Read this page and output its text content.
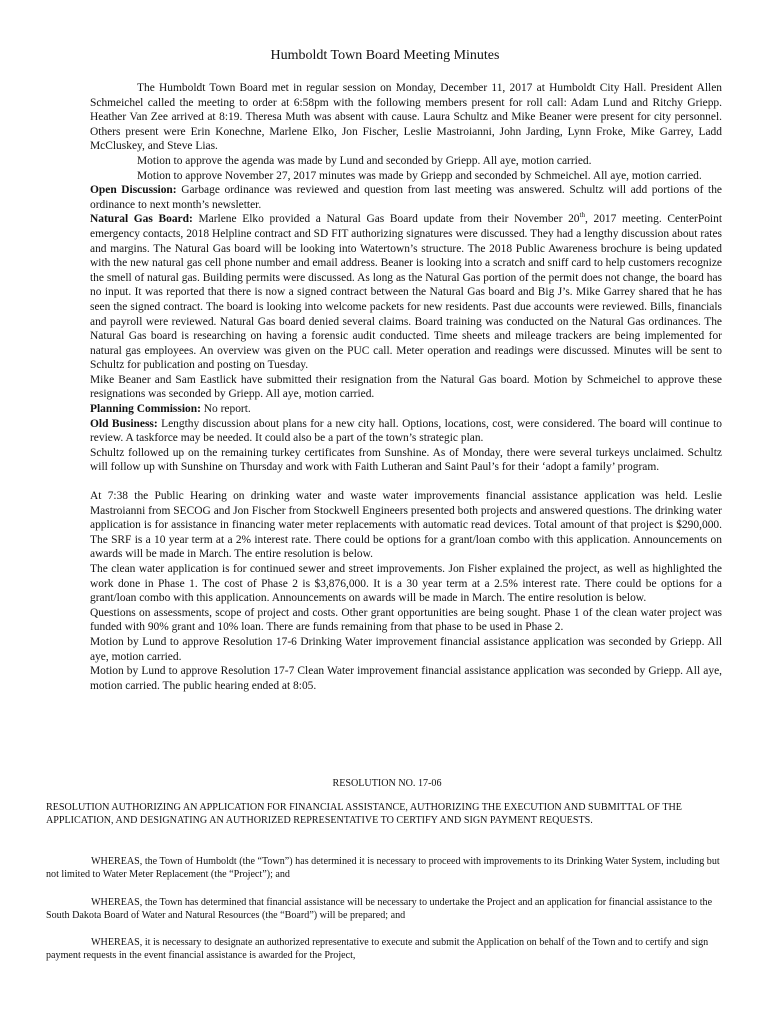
Humboldt Town Board Meeting Minutes

The Humboldt Town Board met in regular session on Monday, December 11, 2017 at Humboldt City Hall. President Allen Schmeichel called the meeting to order at 6:58pm with the following members present for roll call: Adam Lund and Ritchy Griepp. Heather Van Zee arrived at 8:19. Theresa Muth was absent with cause. Laura Schultz and Mike Beaner were present for city personnel. Others present were Erin Konechne, Marlene Elko, Jon Fischer, Leslie Mastroianni, John Jarding, Lynn Froke, Mike Garrey, Ladd McCluskey, and Steve Lias.

Motion to approve the agenda was made by Lund and seconded by Griepp. All aye, motion carried.

Motion to approve November 27, 2017 minutes was made by Griepp and seconded by Schmeichel. All aye, motion carried.

Open Discussion: Garbage ordinance was reviewed and question from last meeting was answered. Schultz will add portions of the ordinance to next month’s newsletter.

Natural Gas Board: Marlene Elko provided a Natural Gas Board update from their November 20th, 2017 meeting. CenterPoint emergency contacts, 2018 Helpline contract and SD FIT authorizing signatures were discussed. They had a lengthy discussion about rates and margins. The Natural Gas board will be looking into Watertown’s structure. The 2018 Public Awareness brochure is being updated with the new natural gas cell phone number and email address. Beaner is looking into a scratch and sniff card to help customers recognize the smell of natural gas. Building permits were discussed. As long as the Natural Gas portion of the permit does not change, the board has no input. It was reported that there is now a signed contract between the Natural Gas board and Big J’s. Mike Garrey shared that he has seen the signed contract. The board is looking into welcome packets for new residents. Past due accounts were reviewed. Bills, financials and payroll were reviewed. Natural Gas board denied several claims. Board training was conducted on the Natural Gas ordinances. The Natural Gas board is researching on having a forensic audit conducted. Time sheets and mileage trackers are being implemented for natural gas employees. An overview was given on the PUC call. Meter operation and readings were discussed. Minutes will be sent to Schultz for publication and posting on Tuesday.

Mike Beaner and Sam Eastlick have submitted their resignation from the Natural Gas board. Motion by Schmeichel to approve these resignations was seconded by Griepp. All aye, motion carried.

Planning Commission: No report.

Old Business: Lengthy discussion about plans for a new city hall. Options, locations, cost, were considered. The board will continue to review. A taskforce may be needed. It could also be a part of the town’s strategic plan.

Schultz followed up on the remaining turkey certificates from Sunshine. As of Monday, there were several turkeys unclaimed. Schultz will follow up with Sunshine on Thursday and work with Faith Lutheran and Saint Paul’s for their ‘adopt a family’ program.

At 7:38 the Public Hearing on drinking water and waste water improvements financial assistance application was held. Leslie Mastroianni from SECOG and Jon Fischer from Stockwell Engineers presented both projects and answered questions. The drinking water application is for assistance in financing water meter replacements with automatic read devices. Total amount of that project is $290,000. The SRF is a 10 year term at a 2% interest rate. There could be options for a grant/loan combo with this application. Announcements on awards will be made in March. The entire resolution is below.

The clean water application is for continued sewer and street improvements. Jon Fisher explained the project, as well as highlighted the work done in Phase 1. The cost of Phase 2 is $3,876,000. It is a 30 year term at a 2.5% interest rate. There could be options for a grant/loan combo with this application. Announcements on awards will be made in March. The entire resolution is below.

Questions on assessments, scope of project and costs. Other grant opportunities are being sought. Phase 1 of the clean water project was funded with 90% grant and 10% loan. There are funds remaining from that phase to be used in Phase 2.

Motion by Lund to approve Resolution 17-6 Drinking Water improvement financial assistance application was seconded by Griepp. All aye, motion carried.

Motion by Lund to approve Resolution 17-7 Clean Water improvement financial assistance application was seconded by Griepp. All aye, motion carried. The public hearing ended at 8:05.

RESOLUTION NO. 17-06

RESOLUTION AUTHORIZING AN APPLICATION FOR FINANCIAL ASSISTANCE, AUTHORIZING THE EXECUTION AND SUBMITTAL OF THE APPLICATION, AND DESIGNATING AN AUTHORIZED REPRESENTATIVE TO CERTIFY AND SIGN PAYMENT REQUESTS.

WHEREAS, the Town of Humboldt (the “Town”) has determined it is necessary to proceed with improvements to its Drinking Water System, including but not limited to Water Meter Replacement (the “Project”); and

WHEREAS, the Town has determined that financial assistance will be necessary to undertake the Project and an application for financial assistance to the South Dakota Board of Water and Natural Resources (the “Board”) will be prepared; and

WHEREAS, it is necessary to designate an authorized representative to execute and submit the Application on behalf of the Town and to certify and sign payment requests in the event financial assistance is awarded for the Project,
